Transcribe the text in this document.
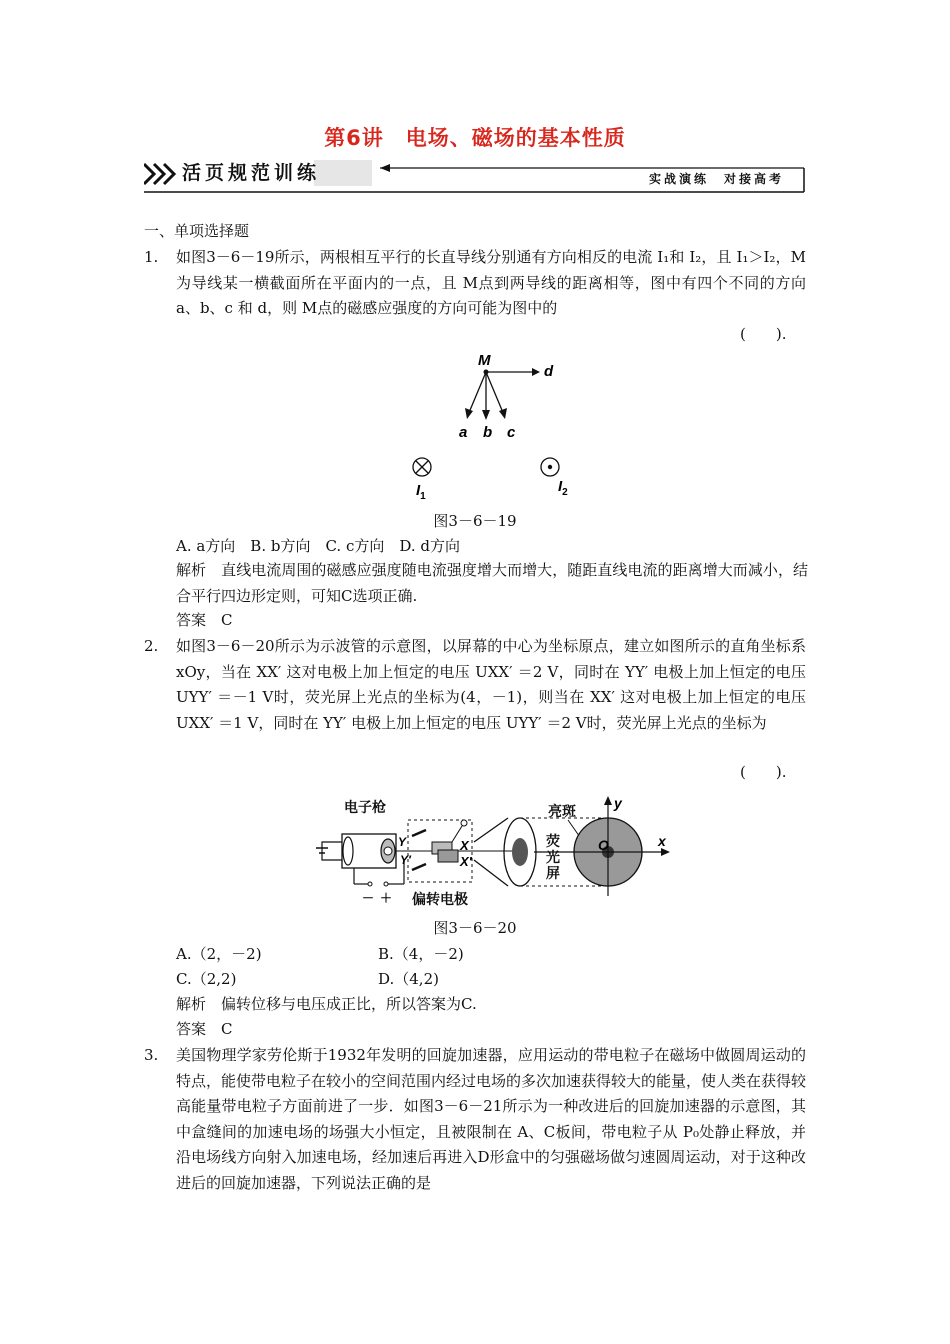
第6讲　电场、磁场的基本性质
活页规范训练	实战演练　对接高考
一、单项选择题
1. 如图3－6－19所示，两根相互平行的长直导线分别通有方向相反的电流 I₁和 I₂，且 I₁＞I₂，M为导线某一横截面所在平面内的一点，且 M点到两导线的距离相等，图中有四个不同的方向 a、b、c 和 d，则 M点的磁感应强度的方向可能为图中的
(　　).
M
d
a b c
$I_1$
$I_2$
图3－6－19
A. a方向　B. b方向　C. c方向　D. d方向
解析　直线电流周围的磁感应强度随电流强度增大而增大，随距直线电流的距离增大而减小，结合平行四边形定则，可知C选项正确.
答案　C
2. 如图3－6－20所示为示波管的示意图，以屏幕的中心为坐标原点，建立如图所示的直角坐标系 xOy，当在 XX′ 这对电极上加上恒定的电压 UXX′ ＝2 V，同时在 YY′ 电极上加上恒定的电压 UYY′ ＝－1 V时，荧光屏上光点的坐标为(4，－1)，则当在 XX′ 这对电极上加上恒定的电压 UXX′ ＝1 V，同时在 YY′ 电极上加上恒定的电压 UYY′ ＝2 V时，荧光屏上光点的坐标为
(　　).
电子枪	亮斑
荧
光
屏
偏转电极
－ ＋
Y
Y′
X
X′
x
y
O
图3－6－20
A.（2，－2)	B.（4，－2)
C.（2,2)	D.（4,2)
解析　偏转位移与电压成正比，所以答案为C.
答案　C
3. 美国物理学家劳伦斯于1932年发明的回旋加速器，应用运动的带电粒子在磁场中做圆周运动的特点，能使带电粒子在较小的空间范围内经过电场的多次加速获得较大的能量，使人类在获得较高能量带电粒子方面前进了一步．如图3－6－21所示为一种改进后的回旋加速器的示意图，其中盒缝间的加速电场的场强大小恒定，且被限制在 A、C板间，带电粒子从 P₀处静止释放，并沿电场线方向射入加速电场，经加速后再进入D形盒中的匀强磁场做匀速圆周运动，对于这种改进后的回旋加速器，下列说法正确的是
